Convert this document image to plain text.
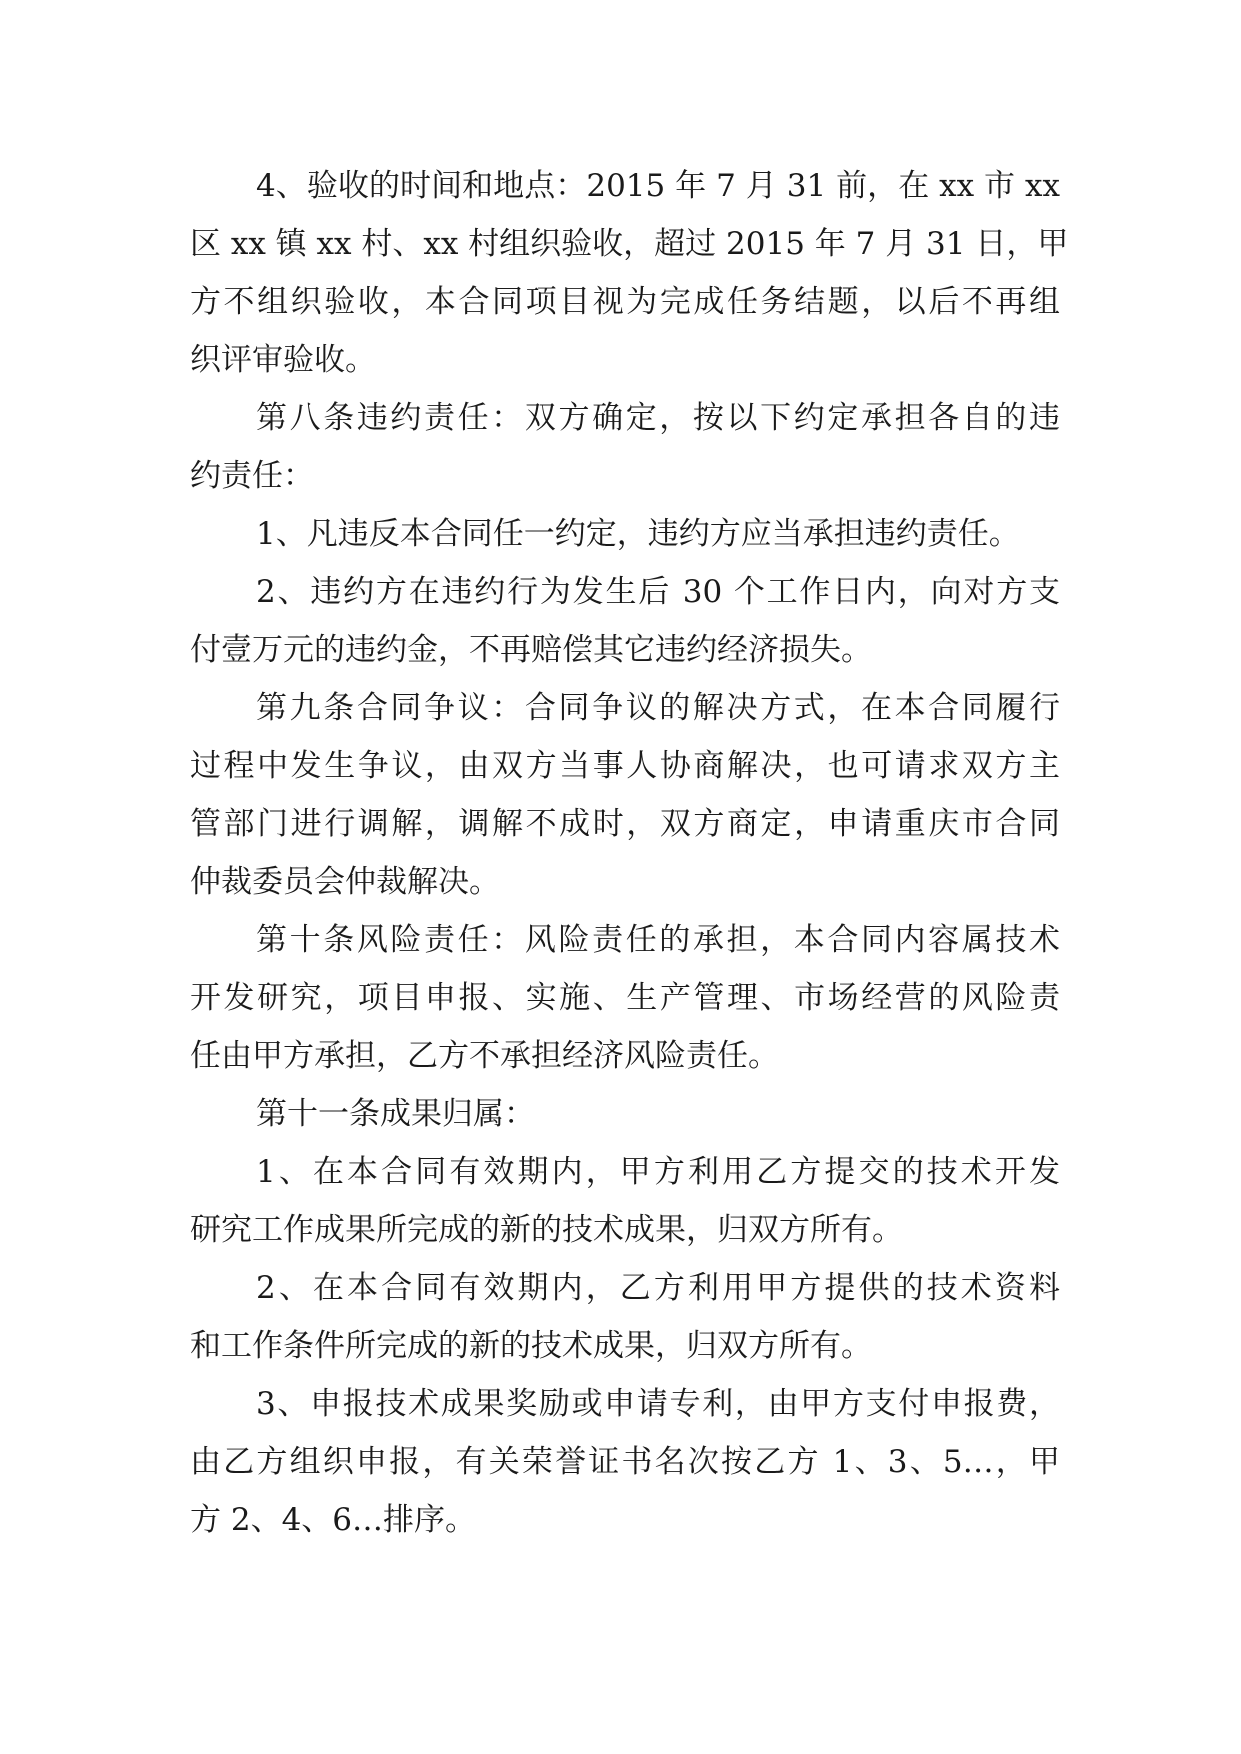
4、验收的时间和地点：2015 年 7 月 31 前，在 xx 市 xx
区 xx 镇 xx 村、xx 村组织验收，超过 2015 年 7 月 31 日，甲
方不组织验收，本合同项目视为完成任务结题，以后不再组
织评审验收。
第八条违约责任：双方确定，按以下约定承担各自的违
约责任：
1、凡违反本合同任一约定，违约方应当承担违约责任。
2、违约方在违约行为发生后 30 个工作日内，向对方支
付壹万元的违约金，不再赔偿其它违约经济损失。
第九条合同争议：合同争议的解决方式，在本合同履行
过程中发生争议，由双方当事人协商解决，也可请求双方主
管部门进行调解，调解不成时，双方商定，申请重庆市合同
仲裁委员会仲裁解决。
第十条风险责任：风险责任的承担，本合同内容属技术
开发研究，项目申报、实施、生产管理、市场经营的风险责
任由甲方承担，乙方不承担经济风险责任。
第十一条成果归属：
1、在本合同有效期内，甲方利用乙方提交的技术开发
研究工作成果所完成的新的技术成果，归双方所有。
2、在本合同有效期内，乙方利用甲方提供的技术资料
和工作条件所完成的新的技术成果，归双方所有。
3、申报技术成果奖励或申请专利，由甲方支付申报费，
由乙方组织申报，有关荣誉证书名次按乙方 1、3、5…，甲
方 2、4、6…排序。
